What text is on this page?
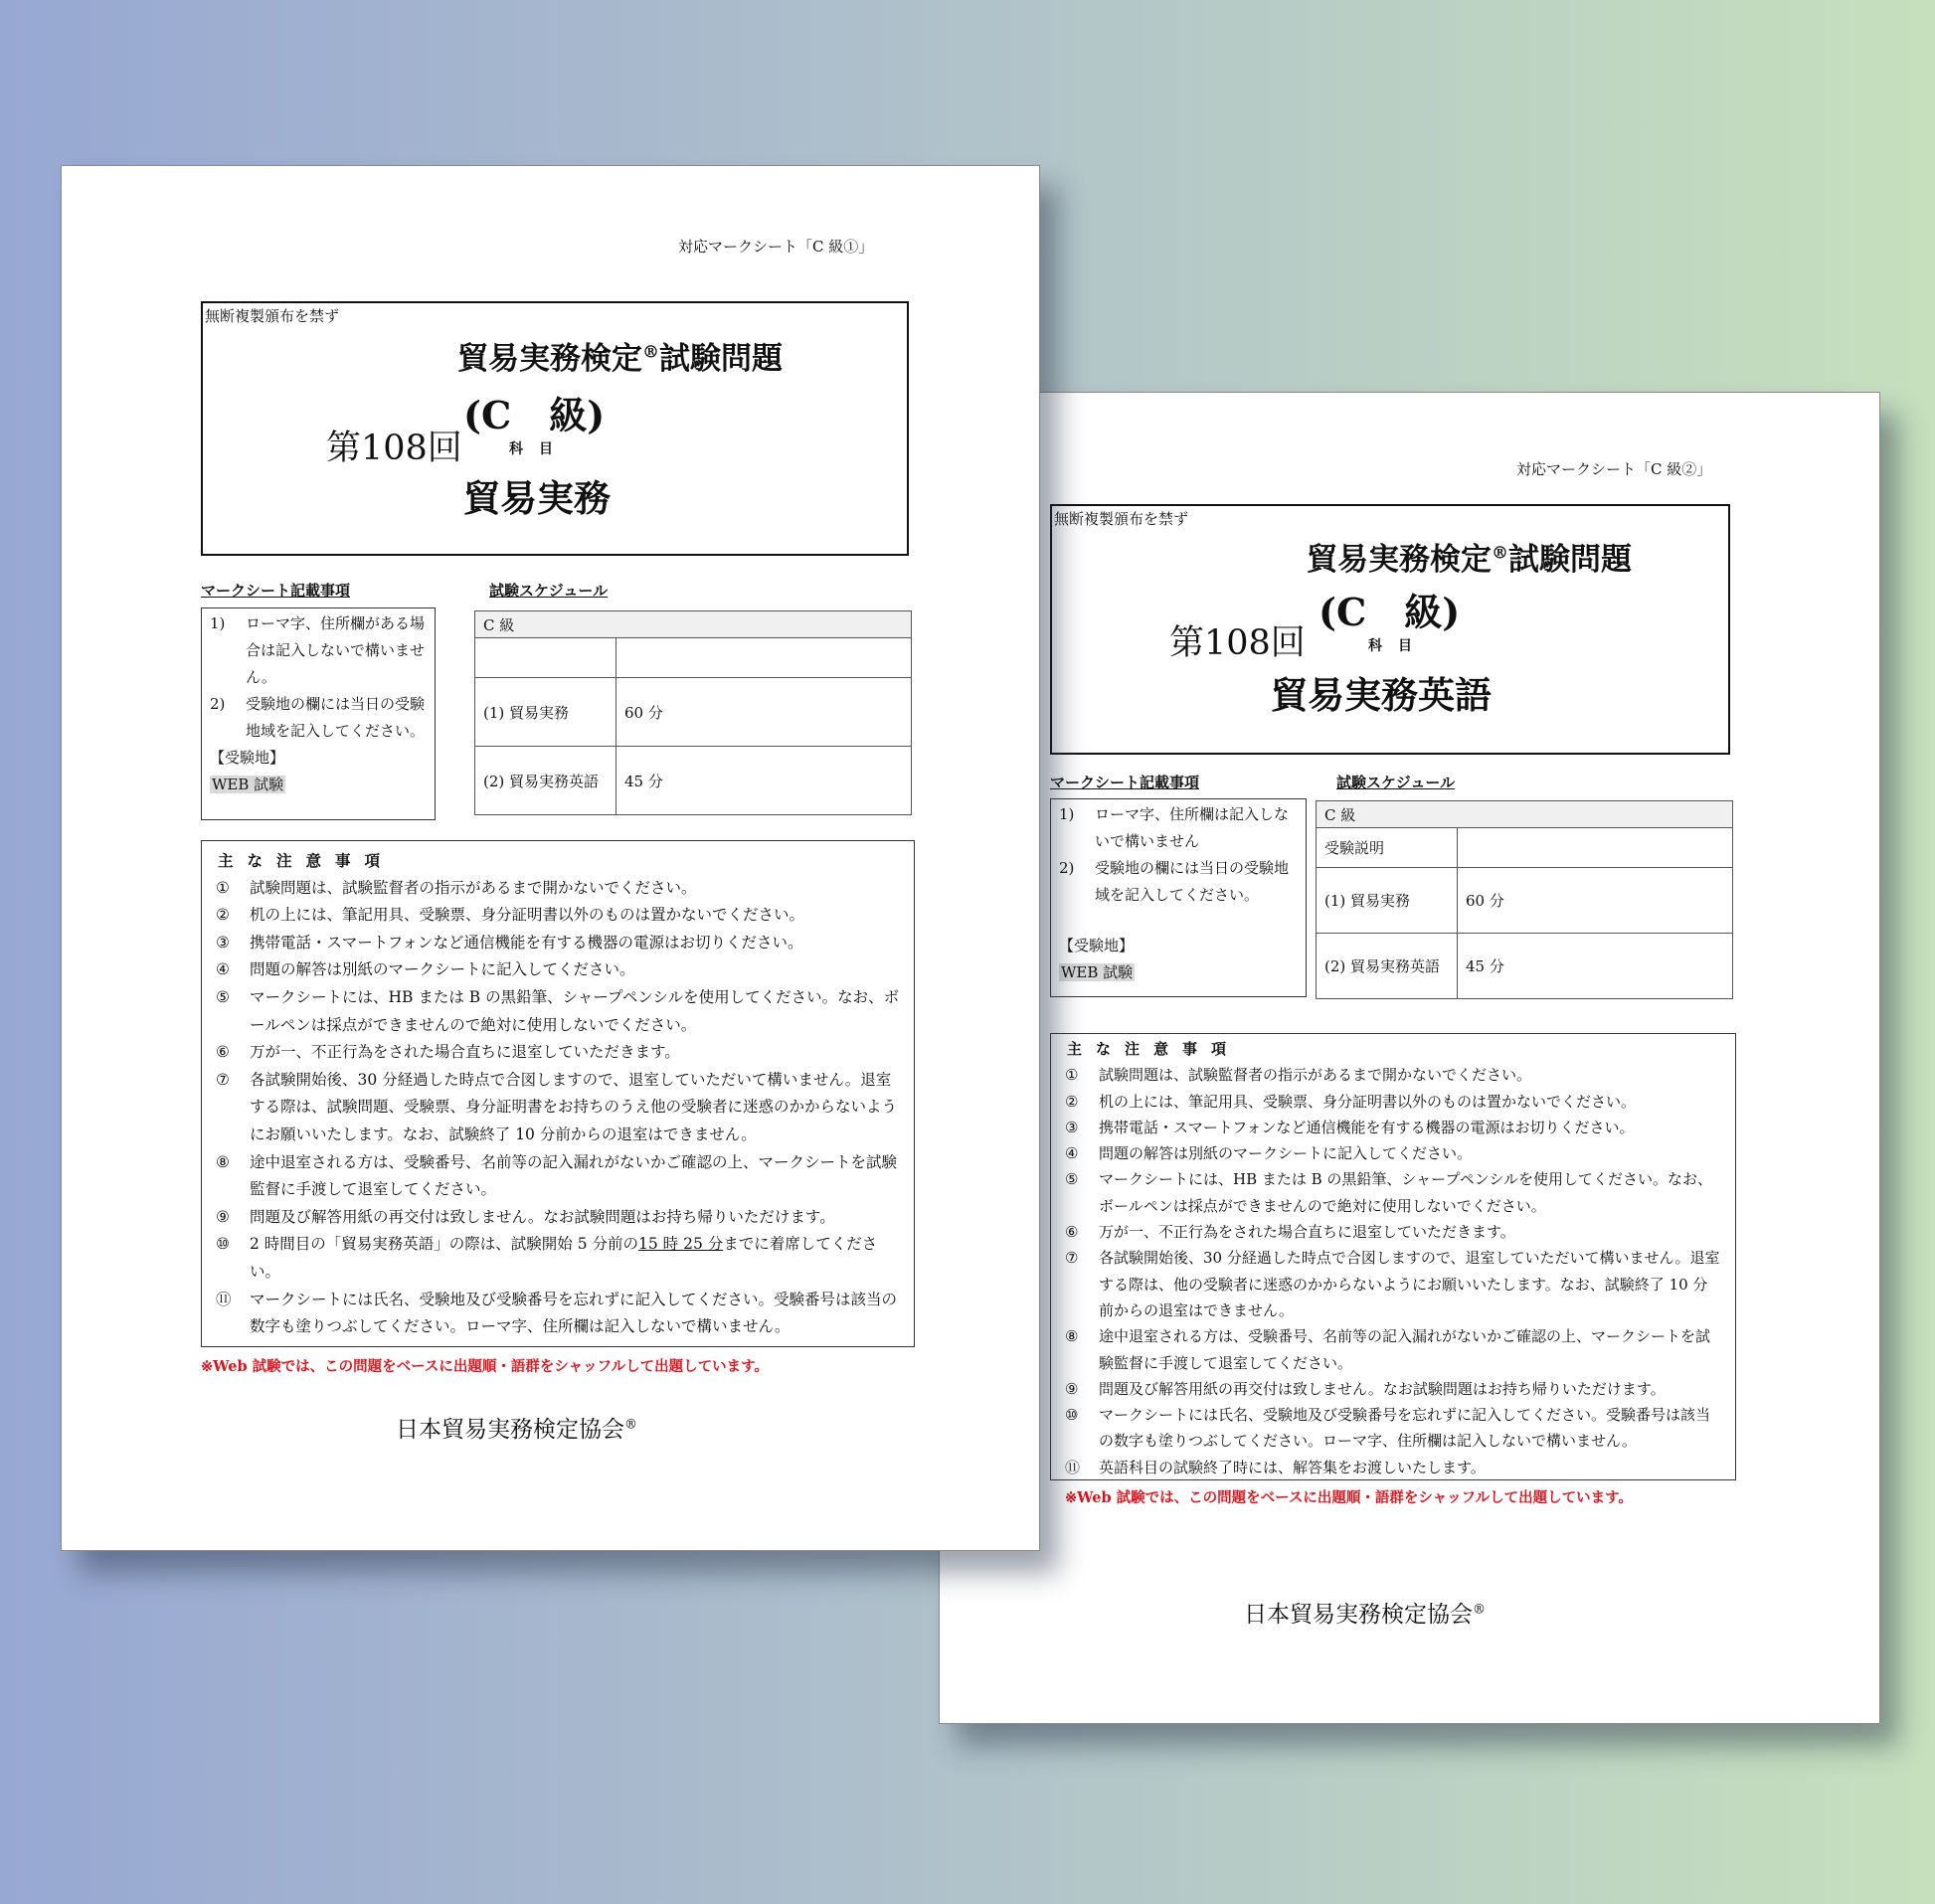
対応マークシート「C 級①」
無断複製頒布を禁ず
貿易実務検定®試験問題
第108回
(C　級)
科目
貿易実務
マークシート記載事項	試験スケジュール
1)	ローマ字、住所欄がある場合は記入しないで構いません。
2)	受験地の欄には当日の受験地域を記入してください。
【受験地】
WEB 試験
C 級	

(1) 貿易実務	60 分
(2) 貿易実務英語	45 分
主な注意事項
①	試験問題は、試験監督者の指示があるまで開かないでください。
②	机の上には、筆記用具、受験票、身分証明書以外のものは置かないでください。
③	携帯電話・スマートフォンなど通信機能を有する機器の電源はお切りください。
④	問題の解答は別紙のマークシートに記入してください。
⑤	マークシートには、HB または B の黒鉛筆、シャープペンシルを使用してください。なお、ボールペンは採点ができませんので絶対に使用しないでください。
⑥	万が一、不正行為をされた場合直ちに退室していただきます。
⑦	各試験開始後、30 分経過した時点で合図しますので、退室していただいて構いません。退室する際は、試験問題、受験票、身分証明書をお持ちのうえ他の受験者に迷惑のかからないようにお願いいたします。なお、試験終了 10 分前からの退室はできません。
⑧	途中退室される方は、受験番号、名前等の記入漏れがないかご確認の上、マークシートを試験監督に手渡して退室してください。
⑨	問題及び解答用紙の再交付は致しません。なお試験問題はお持ち帰りいただけます。
⑩	2 時間目の「貿易実務英語」の際は、試験開始 5 分前の15 時 25 分までに着席してください。
⑪	マークシートには氏名、受験地及び受験番号を忘れずに記入してください。受験番号は該当の数字も塗りつぶしてください。ローマ字、住所欄は記入しないで構いません。
※Web 試験では、この問題をベースに出題順・語群をシャッフルして出題しています。
日本貿易実務検定協会®
対応マークシート「C 級②」
無断複製頒布を禁ず
貿易実務検定®試験問題
第108回
(C　級)
科目
貿易実務英語
マークシート記載事項	試験スケジュール
1)	ローマ字、住所欄は記入しないで構いません
2)	受験地の欄には当日の受験地域を記入してください。
【受験地】
WEB 試験
C 級	
受験説明	
(1) 貿易実務	60 分
(2) 貿易実務英語	45 分
主な注意事項
①	試験問題は、試験監督者の指示があるまで開かないでください。
②	机の上には、筆記用具、受験票、身分証明書以外のものは置かないでください。
③	携帯電話・スマートフォンなど通信機能を有する機器の電源はお切りください。
④	問題の解答は別紙のマークシートに記入してください。
⑤	マークシートには、HB または B の黒鉛筆、シャープペンシルを使用してください。なお、ボールペンは採点ができませんので絶対に使用しないでください。
⑥	万が一、不正行為をされた場合直ちに退室していただきます。
⑦	各試験開始後、30 分経過した時点で合図しますので、退室していただいて構いません。退室する際は、他の受験者に迷惑のかからないようにお願いいたします。なお、試験終了 10 分前からの退室はできません。
⑧	途中退室される方は、受験番号、名前等の記入漏れがないかご確認の上、マークシートを試験監督に手渡して退室してください。
⑨	問題及び解答用紙の再交付は致しません。なお試験問題はお持ち帰りいただけます。
⑩	マークシートには氏名、受験地及び受験番号を忘れずに記入してください。受験番号は該当の数字も塗りつぶしてください。ローマ字、住所欄は記入しないで構いません。
⑪	英語科目の試験終了時には、解答集をお渡しいたします。
※Web 試験では、この問題をベースに出題順・語群をシャッフルして出題しています。
日本貿易実務検定協会®
